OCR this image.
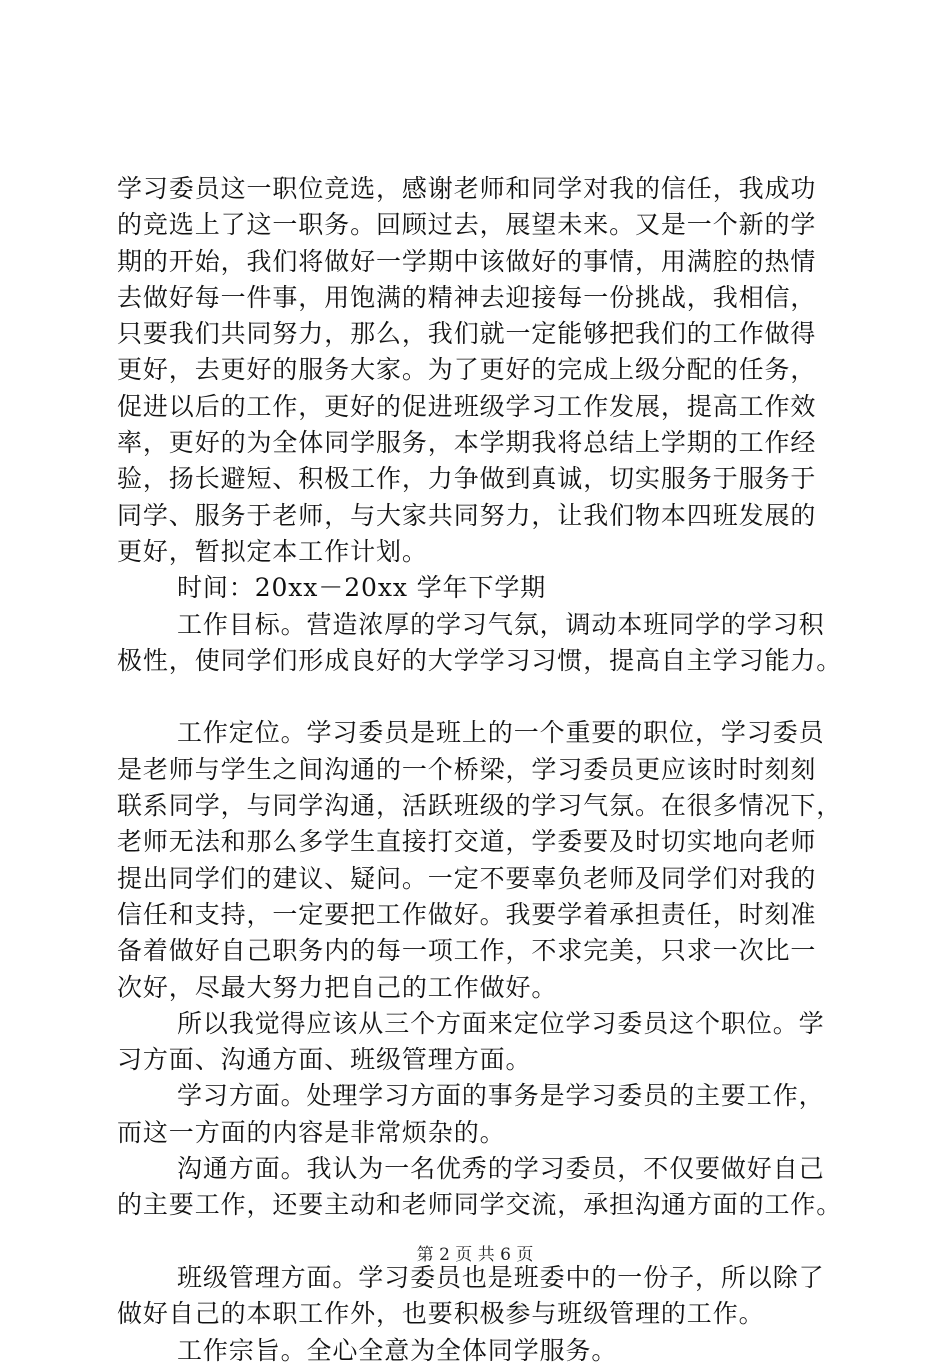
学习委员这一职位竞选，感谢老师和同学对我的信任，我成功
的竞选上了这一职务。回顾过去，展望未来。又是一个新的学
期的开始，我们将做好一学期中该做好的事情，用满腔的热情
去做好每一件事，用饱满的精神去迎接每一份挑战，我相信，
只要我们共同努力，那么，我们就一定能够把我们的工作做得
更好，去更好的服务大家。为了更好的完成上级分配的任务，
促进以后的工作，更好的促进班级学习工作发展，提高工作效
率，更好的为全体同学服务，本学期我将总结上学期的工作经
验，扬长避短、积极工作，力争做到真诚，切实服务于服务于
同学、服务于老师，与大家共同努力，让我们物本四班发展的
更好，暂拟定本工作计划。
时间：20xx－20xx 学年下学期
工作目标。营造浓厚的学习气氛，调动本班同学的学习积
极性，使同学们形成良好的大学学习习惯，提高自主学习能力。
工作定位。学习委员是班上的一个重要的职位，学习委员
是老师与学生之间沟通的一个桥梁，学习委员更应该时时刻刻
联系同学，与同学沟通，活跃班级的学习气氛。在很多情况下，
老师无法和那么多学生直接打交道，学委要及时切实地向老师
提出同学们的建议、疑问。一定不要辜负老师及同学们对我的
信任和支持，一定要把工作做好。我要学着承担责任，时刻准
备着做好自己职务内的每一项工作，不求完美，只求一次比一
次好，尽最大努力把自己的工作做好。
所以我觉得应该从三个方面来定位学习委员这个职位。学
习方面、沟通方面、班级管理方面。
学习方面。处理学习方面的事务是学习委员的主要工作，
而这一方面的内容是非常烦杂的。
沟通方面。我认为一名优秀的学习委员，不仅要做好自己
的主要工作，还要主动和老师同学交流，承担沟通方面的工作。
班级管理方面。学习委员也是班委中的一份子，所以除了
做好自己的本职工作外，也要积极参与班级管理的工作。
工作宗旨。全心全意为全体同学服务。
第 2 页 共 6 页
